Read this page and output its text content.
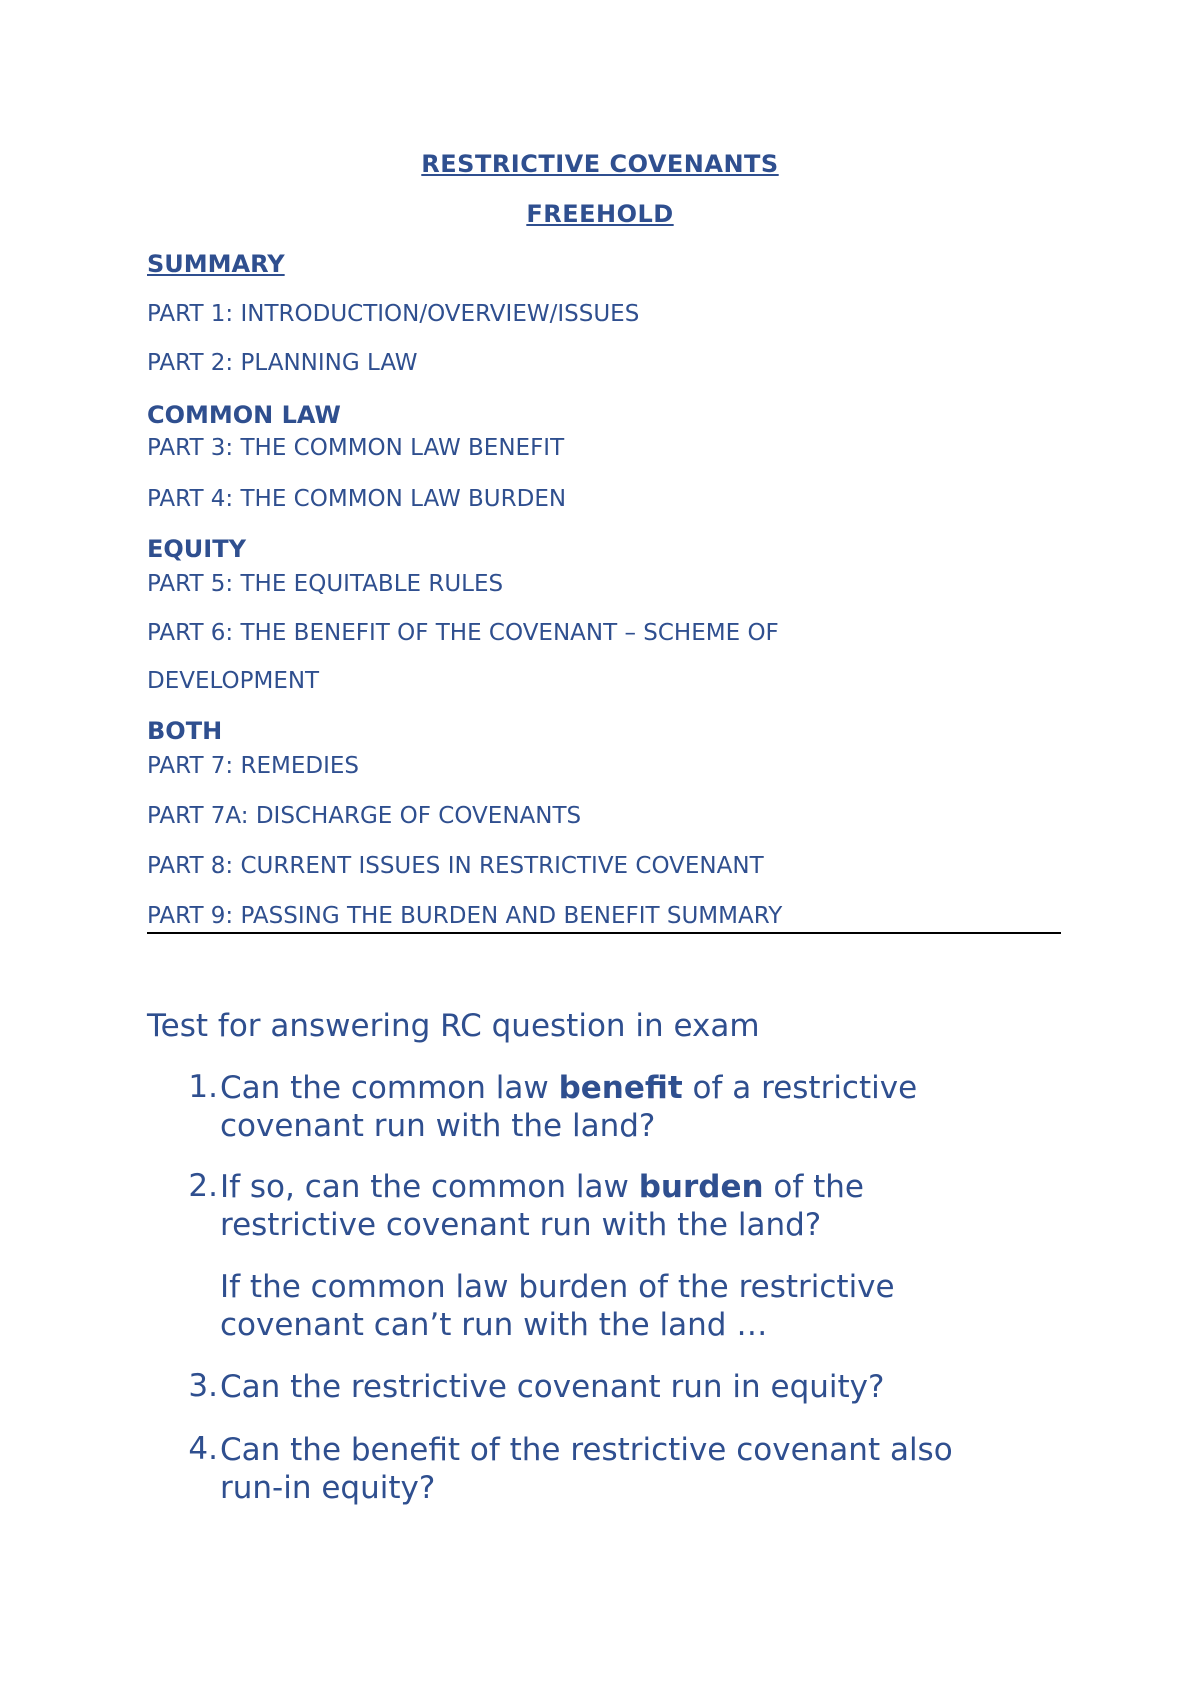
RESTRICTIVE COVENANTS
FREEHOLD
SUMMARY
PART 1: INTRODUCTION/OVERVIEW/ISSUES
PART 2: PLANNING LAW
COMMON LAW
PART 3: THE COMMON LAW BENEFIT
PART 4: THE COMMON LAW BURDEN
EQUITY
PART 5: THE EQUITABLE RULES
PART 6: THE BENEFIT OF THE COVENANT – SCHEME OF
DEVELOPMENT
BOTH
PART 7: REMEDIES
PART 7A: DISCHARGE OF COVENANTS
PART 8: CURRENT ISSUES IN RESTRICTIVE COVENANT
PART 9: PASSING THE BURDEN AND BENEFIT SUMMARY
Test for answering RC question in exam
1. Can the common law benefit of a restrictive
covenant run with the land?
2. If so, can the common law burden of the
restrictive covenant run with the land?
If the common law burden of the restrictive
covenant can’t run with the land …
3. Can the restrictive covenant run in equity?
4. Can the benefit of the restrictive covenant also
run-in equity?
